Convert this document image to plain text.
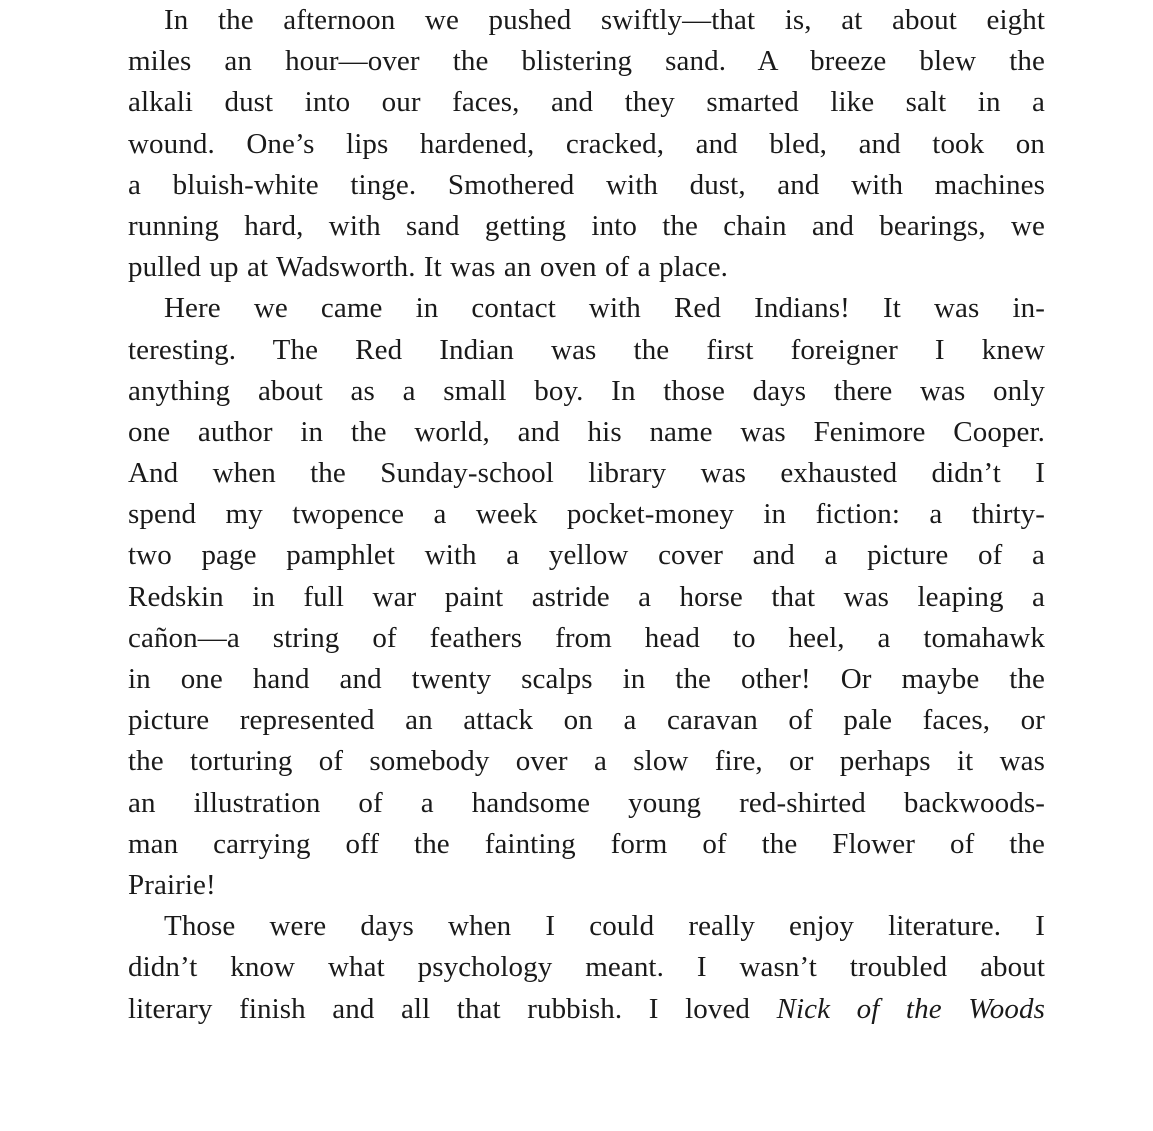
In the afternoon we pushed swiftly—that is, at about eight
miles an hour—over the blistering sand. A breeze blew the
alkali dust into our faces, and they smarted like salt in a
wound. One’s lips hardened, cracked, and bled, and took on
a bluish-white tinge. Smothered with dust, and with machines
running hard, with sand getting into the chain and bearings, we
pulled up at Wadsworth. It was an oven of a place.
Here we came in contact with Red Indians! It was in-
teresting. The Red Indian was the first foreigner I knew
anything about as a small boy. In those days there was only
one author in the world, and his name was Fenimore Cooper.
And when the Sunday-school library was exhausted didn’t I
spend my twopence a week pocket-money in fiction: a thirty-
two page pamphlet with a yellow cover and a picture of a
Redskin in full war paint astride a horse that was leaping a
cañon—a string of feathers from head to heel, a tomahawk
in one hand and twenty scalps in the other! Or maybe the
picture represented an attack on a caravan of pale faces, or
the torturing of somebody over a slow fire, or perhaps it was
an illustration of a handsome young red-shirted backwoods-
man carrying off the fainting form of the Flower of the
Prairie!
Those were days when I could really enjoy literature. I
didn’t know what psychology meant. I wasn’t troubled about
literary finish and all that rubbish. I loved Nick of the Woods
